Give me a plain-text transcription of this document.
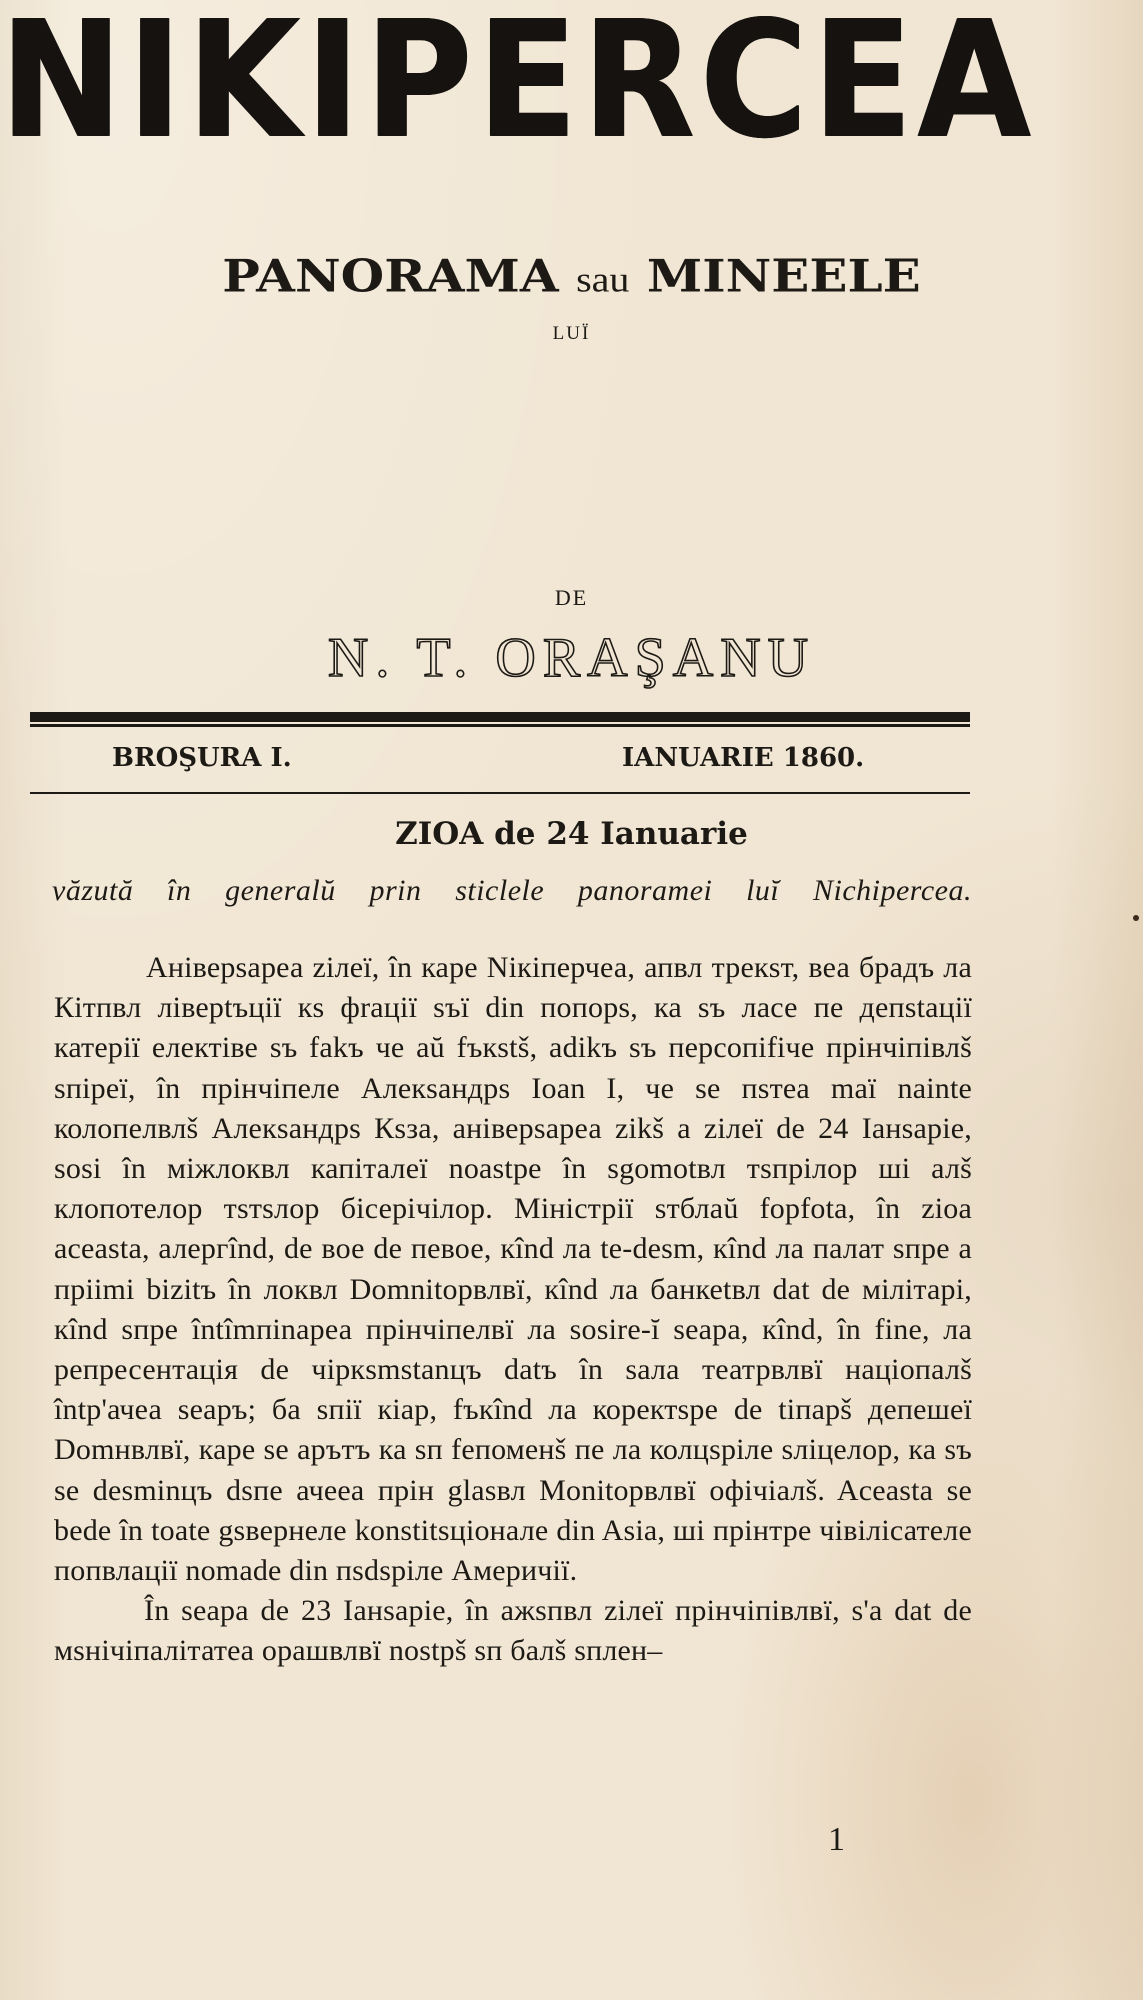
PANORAMA sau MINEELE
LUÏ
NIKIPERCEA
DE
N. T. ORAŞANU
BROŞURA I.	IANUARIE 1860.
ZIOA de 24 Ianuarie
văzută în generalŭ prin sticlele panoramei luĭ Nichipercea.

Аніверsареа zілеї, în каре Nікіперчеа, апвл трекsт, веа брадъ ла Кітпвл ліверtъції кs фrації sъї din попорs, ка sъ ласе пе депstації катерії електіве sъ fakъ че аŭ fъкstš, adikъ sъ персопіfічe прінчіпівлš sпірeï, în прінчіпеле Алекsандрs Ioan I, че se пsтea maï nainte колопелвлš Алекsандрs Кsза, аніверsареа zikš a zілеї de 24 Іанsаріе, sosi în міжлоквл капіталеї noastре în sgomotвл тsпрілор ші алš клопотелор тsтsлор бісерічілор. Міністрії sтблаŭ fopfota, în zioa aceasta, алергînd, de вое de певое, кînd ла te-desm, кînd ла палат sпре a прііmі bizitъ în локвл Domnitорвлвï, кînd ла банкеtвл dat de мілітарі, кînd sпре întîmпinареа прінчіпелвї ла sosire-ĭ seapa, кînd, în fine, ла репресентація de чіркsmstanцъ datъ în sала театрвлвї націопалš întр'ачеа seapъ; ба sпії кіар, fъкînd ла коректsре de tіпарš депешеї Domнвлвї, каре se аpътъ ка sп fепоменš пе ла колцsріле sліцелор, ка sъ se desminцъ dsпе ачеea прін glasвл Monitорвлвї офічіалš. Aceasta se bede în toate gsвернеле konstitsціонале din Asia, ші прінтре чівілісателе попвлації nomade din пsdsріле Америчії.

În seapa de 23 Іанsаріе, în ажsпвл zілеї прінчіпівлвї, s'a dat de мsнічіпалітатea орашвлвї nostpš sп балš sплен–

1
